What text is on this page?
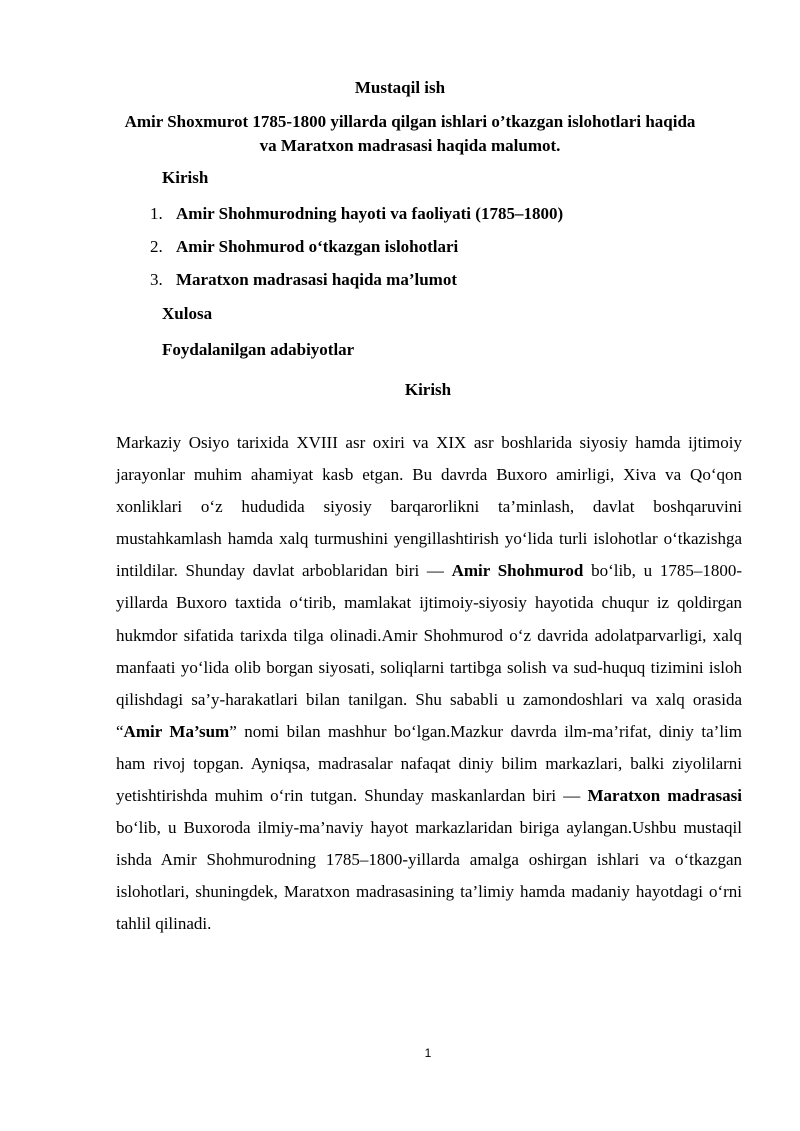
Mustaqil ish
Amir Shoxmurot 1785-1800 yillarda qilgan ishlari o’tkazgan islohotlari haqida va Maratxon madrasasi haqida malumot.
Kirish
1. Amir Shohmurodning hayoti va faoliyati (1785–1800)
2. Amir Shohmurod o‘tkazgan islohotlari
3. Maratxon madrasasi haqida ma’lumot
Xulosa
Foydalanilgan adabiyotlar
Kirish
Markaziy Osiyo tarixida XVIII asr oxiri va XIX asr boshlarida siyosiy hamda ijtimoiy jarayonlar muhim ahamiyat kasb etgan. Bu davrda Buxoro amirligi, Xiva va Qo‘qon xonliklari o‘z hududida siyosiy barqarorlikni ta’minlash, davlat boshqaruvini mustahkamlash hamda xalq turmushini yengillashtirish yo‘lida turli islohotlar o‘tkazishga intildilar. Shunday davlat arboblaridan biri — Amir Shohmurod bo‘lib, u 1785–1800-yillarda Buxoro taxtida o‘tirib, mamlakat ijtimoiy-siyosiy hayotida chuqur iz qoldirgan hukmdor sifatida tarixda tilga olinadi.Amir Shohmurod o‘z davrida adolatparvarligi, xalq manfaati yo‘lida olib borgan siyosati, soliqlarni tartibga solish va sud-huquq tizimini isloh qilishdagi sa’y-harakatlari bilan tanilgan. Shu sababli u zamondoshlari va xalq orasida “Amir Ma’sum” nomi bilan mashhur bo‘lgan.Mazkur davrda ilm-ma’rifat, diniy ta’lim ham rivoj topgan. Ayniqsa, madrasalar nafaqat diniy bilim markazlari, balki ziyolilarni yetishtirishda muhim o‘rin tutgan. Shunday maskanlardan biri — Maratxon madrasasi bo‘lib, u Buxoroda ilmiy-ma’naviy hayot markazlaridan biriga aylangan.Ushbu mustaqil ishda Amir Shohmurodning 1785–1800-yillarda amalga oshirgan ishlari va o‘tkazgan islohotlari, shuningdek, Maratxon madrasasining ta’limiy hamda madaniy hayotdagi o‘rni tahlil qilinadi.
1
